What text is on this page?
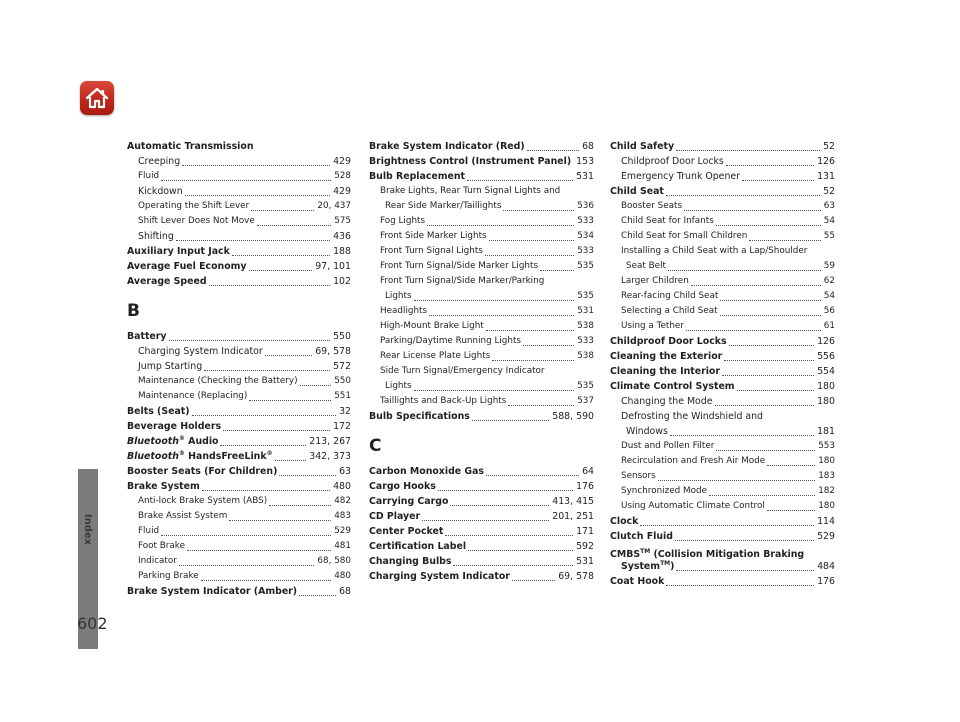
Index
602
Automatic Transmission
Creeping	429
Fluid	528
Kickdown	429
Operating the Shift Lever	20, 437
Shift Lever Does Not Move	575
Shifting	436
Auxiliary Input Jack	188
Average Fuel Economy	97, 101
Average Speed	102
B
Battery	550
Charging System Indicator	69, 578
Jump Starting	572
Maintenance (Checking the Battery)	550
Maintenance (Replacing)	551
Belts (Seat)	32
Beverage Holders	172
Bluetooth® Audio	213, 267
Bluetooth® HandsFreeLink®	342, 373
Booster Seats (For Children)	63
Brake System	480
Anti-lock Brake System (ABS)	482
Brake Assist System	483
Fluid	529
Foot Brake	481
Indicator	68, 580
Parking Brake	480
Brake System Indicator (Amber)	68
Brake System Indicator (Red)	68
Brightness Control (Instrument Panel) 153
Bulb Replacement	531
Brake Lights, Rear Turn Signal Lights and
Rear Side Marker/Taillights	536
Fog Lights	533
Front Side Marker Lights	534
Front Turn Signal Lights	533
Front Turn Signal/Side Marker Lights	535
Front Turn Signal/Side Marker/Parking
Lights	535
Headlights	531
High-Mount Brake Light	538
Parking/Daytime Running Lights	533
Rear License Plate Lights	538
Side Turn Signal/Emergency Indicator
Lights	535
Taillights and Back-Up Lights	537
Bulb Specifications	588, 590
C
Carbon Monoxide Gas	64
Cargo Hooks	176
Carrying Cargo	413, 415
CD Player	201, 251
Center Pocket	171
Certification Label	592
Changing Bulbs	531
Charging System Indicator	69, 578
Child Safety	52
Childproof Door Locks	126
Emergency Trunk Opener	131
Child Seat	52
Booster Seats	63
Child Seat for Infants	54
Child Seat for Small Children	55
Installing a Child Seat with a Lap/Shoulder
Seat Belt	59
Larger Children	62
Rear-facing Child Seat	54
Selecting a Child Seat	56
Using a Tether	61
Childproof Door Locks	126
Cleaning the Exterior	556
Cleaning the Interior	554
Climate Control System	180
Changing the Mode	180
Defrosting the Windshield and
Windows	181
Dust and Pollen Filter	553
Recirculation and Fresh Air Mode	180
Sensors	183
Synchronized Mode	182
Using Automatic Climate Control	180
Clock	114
Clutch Fluid	529
CMBS™ (Collision Mitigation Braking
System™)	484
Coat Hook	176
